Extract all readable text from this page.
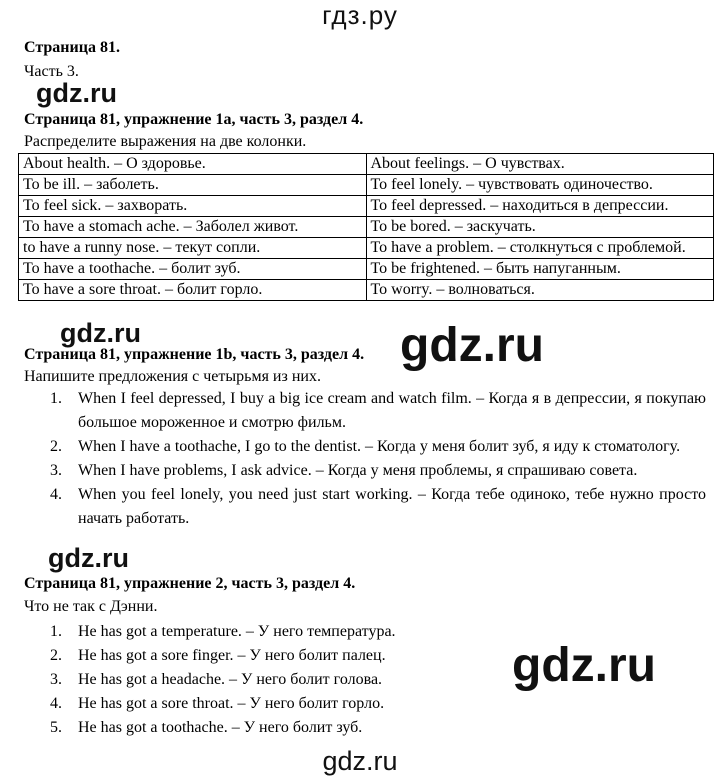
гдз.ру
gdz.ru
gdz.ru	gdz.ru
gdz.ru
gdz.ru
gdz.ru
Страница 81.
Часть 3.
Страница 81, упражнение 1a, часть 3, раздел 4.
Распределите выражения на две колонки.
About health. – О здоровье.	About feelings. – О чувствах.
To be ill. – заболеть.	To feel lonely. – чувствовать одиночество.
To feel sick. – захворать.	To feel depressed. – находиться в депрессии.
To have a stomach ache. – Заболел живот.	To be bored. – заскучать.
to have a runny nose. – текут сопли.	To have a problem. – столкнуться с проблемой.
To have a toothache. – болит зуб.	To be frightened. – быть напуганным.
To have a sore throat. – болит горло.	To worry. – волноваться.
Страница 81, упражнение 1b, часть 3, раздел 4.
Напишите предложения с четырьмя из них.
1. When I feel depressed, I buy a big ice cream and watch film. – Когда я в депрессии, я покупаю большое мороженное и смотрю фильм.
2. When I have a toothache, I go to the dentist. – Когда у меня болит зуб, я иду к стоматологу.
3. When I have problems, I ask advice. – Когда у меня проблемы, я спрашиваю совета.
4. When you feel lonely, you need just start working. – Когда тебе одиноко, тебе нужно просто начать работать.
Страница 81, упражнение 2, часть 3, раздел 4.
Что не так с Дэнни.
1. He has got a temperature. – У него температура.
2. He has got a sore finger. – У него болит палец.
3. He has got a headache. – У него болит голова.
4. He has got a sore throat. – У него болит горло.
5. He has got a toothache. – У него болит зуб.
